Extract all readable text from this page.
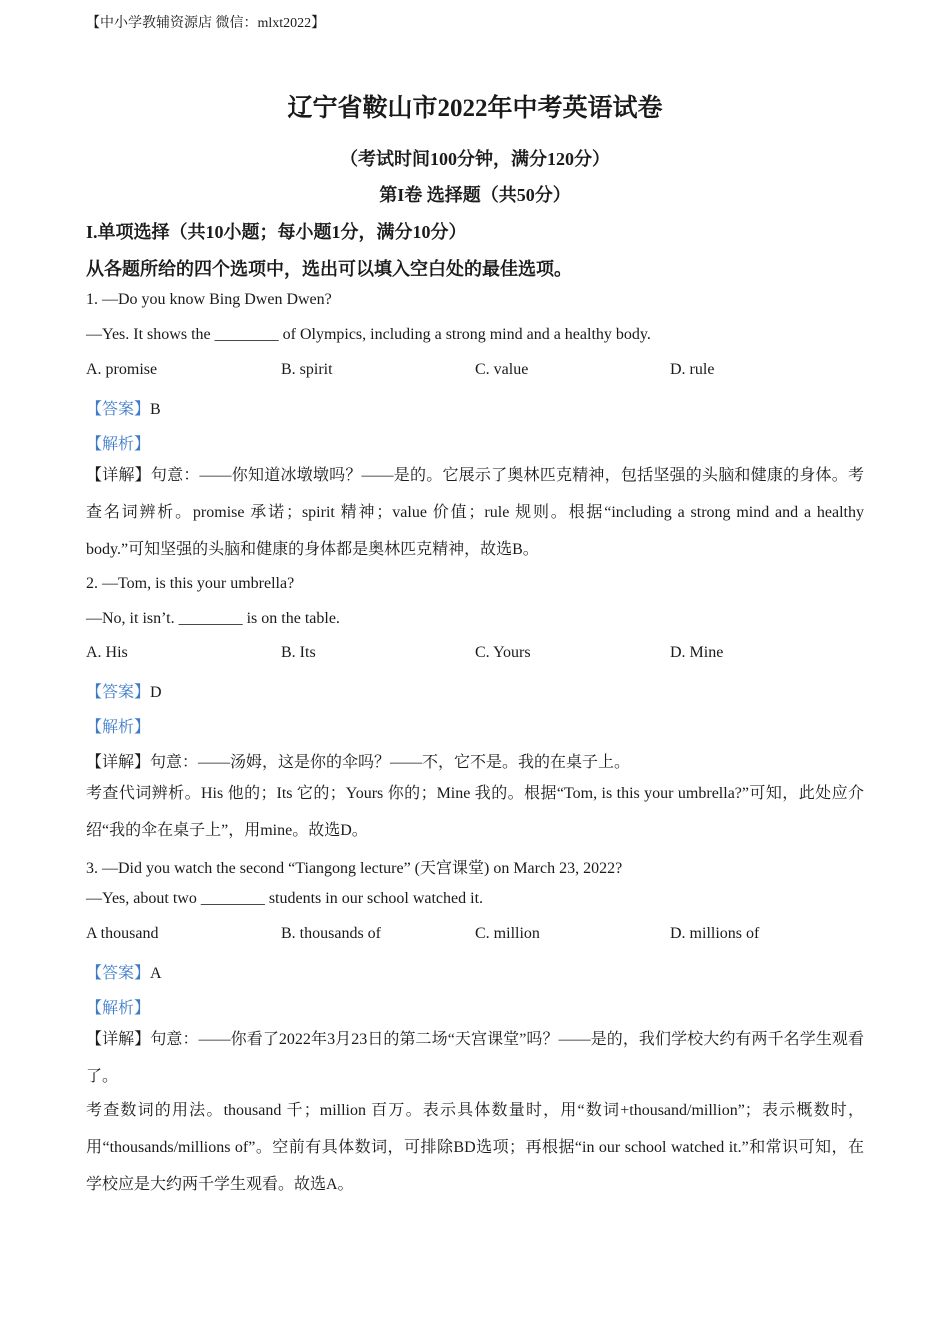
【中小学教辅资源店 微信：mlxt2022】
辽宁省鞍山市2022年中考英语试卷
（考试时间100分钟，满分120分）
第I卷 选择题（共50分）
I.单项选择（共10小题；每小题1分，满分10分）
从各题所给的四个选项中，选出可以填入空白处的最佳选项。
1. —Do you know Bing Dwen Dwen?
—Yes. It shows the ________ of Olympics, including a strong mind and a healthy body.
A. promise	B. spirit	C. value	D. rule
【答案】B
【解析】
【详解】句意：——你知道冰墩墩吗？——是的。它展示了奥林匹克精神，包括坚强的头脑和健康的身体。考查名词辨析。promise 承诺；spirit 精神；value 价值；rule 规则。根据“including a strong mind and a healthy body.”可知坚强的头脑和健康的身体都是奥林匹克精神，故选B。
2. —Tom, is this your umbrella?
—No, it isn’t. ________ is on the table.
A. His	B. Its	C. Yours	D. Mine
【答案】D
【解析】
【详解】句意：——汤姆，这是你的伞吗？——不，它不是。我的在桌子上。
考查代词辨析。His 他的；Its 它的；Yours 你的；Mine 我的。根据“Tom, is this your umbrella?”可知，此处应介绍“我的伞在桌子上”，用mine。故选D。
3. —Did you watch the second “Tiangong lecture” (天宫课堂) on March 23, 2022?
—Yes, about two ________ students in our school watched it.
A thousand	B. thousands of	C. million	D. millions of
【答案】A
【解析】
【详解】句意：——你看了2022年3月23日的第二场“天宫课堂”吗？——是的，我们学校大约有两千名学生观看了。
考查数词的用法。thousand 千；million 百万。表示具体数量时，用“数词+thousand/million”；表示概数时，用“thousands/millions of”。空前有具体数词，可排除BD选项；再根据“in our school watched it.”和常识可知，在学校应是大约两千学生观看。故选A。
